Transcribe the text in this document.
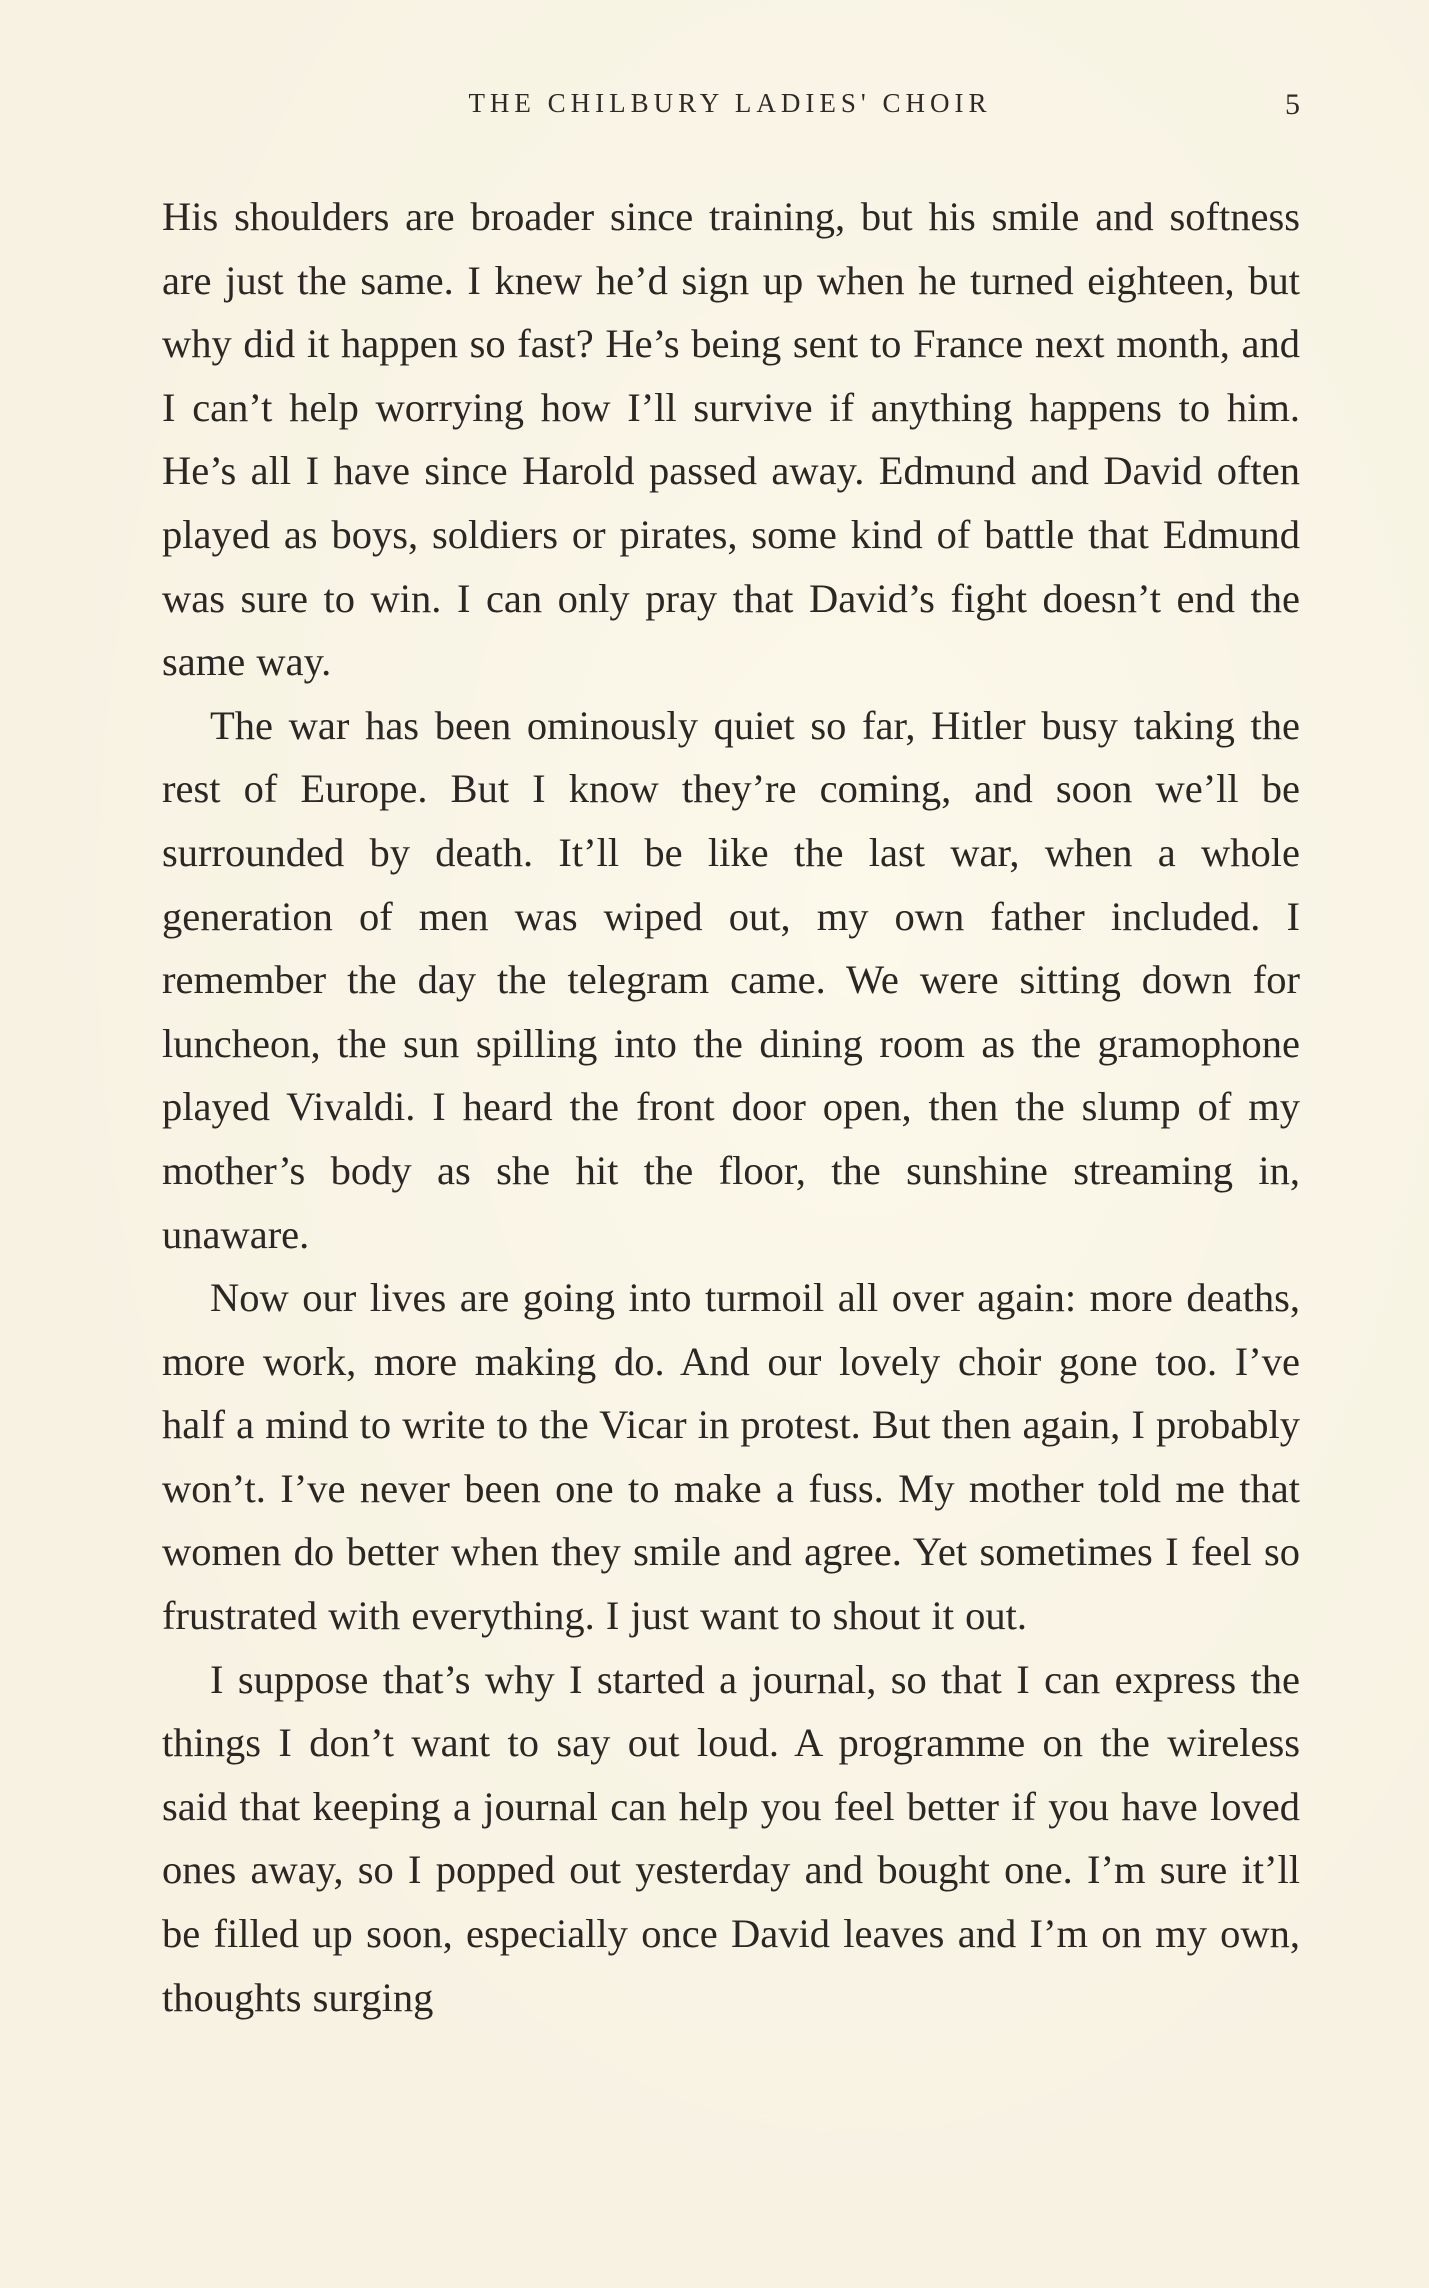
THE CHILBURY LADIES' CHOIR	5

His shoulders are broader since training, but his smile and softness are just the same. I knew he’d sign up when he turned eighteen, but why did it happen so fast? He’s being sent to France next month, and I can’t help worrying how I’ll survive if anything happens to him. He’s all I have since Harold passed away. Edmund and David often played as boys, soldiers or pirates, some kind of battle that Edmund was sure to win. I can only pray that David’s fight doesn’t end the same way.

The war has been ominously quiet so far, Hitler busy taking the rest of Europe. But I know they’re coming, and soon we’ll be surrounded by death. It’ll be like the last war, when a whole generation of men was wiped out, my own father included. I remember the day the telegram came. We were sitting down for luncheon, the sun spilling into the dining room as the gramophone played Vivaldi. I heard the front door open, then the slump of my mother’s body as she hit the floor, the sunshine streaming in, unaware.

Now our lives are going into turmoil all over again: more deaths, more work, more making do. And our lovely choir gone too. I’ve half a mind to write to the Vicar in protest. But then again, I probably won’t. I’ve never been one to make a fuss. My mother told me that women do better when they smile and agree. Yet sometimes I feel so frustrated with everything. I just want to shout it out.

I suppose that’s why I started a journal, so that I can express the things I don’t want to say out loud. A programme on the wireless said that keeping a journal can help you feel better if you have loved ones away, so I popped out yesterday and bought one. I’m sure it’ll be filled up soon, especially once David leaves and I’m on my own, thoughts surging
